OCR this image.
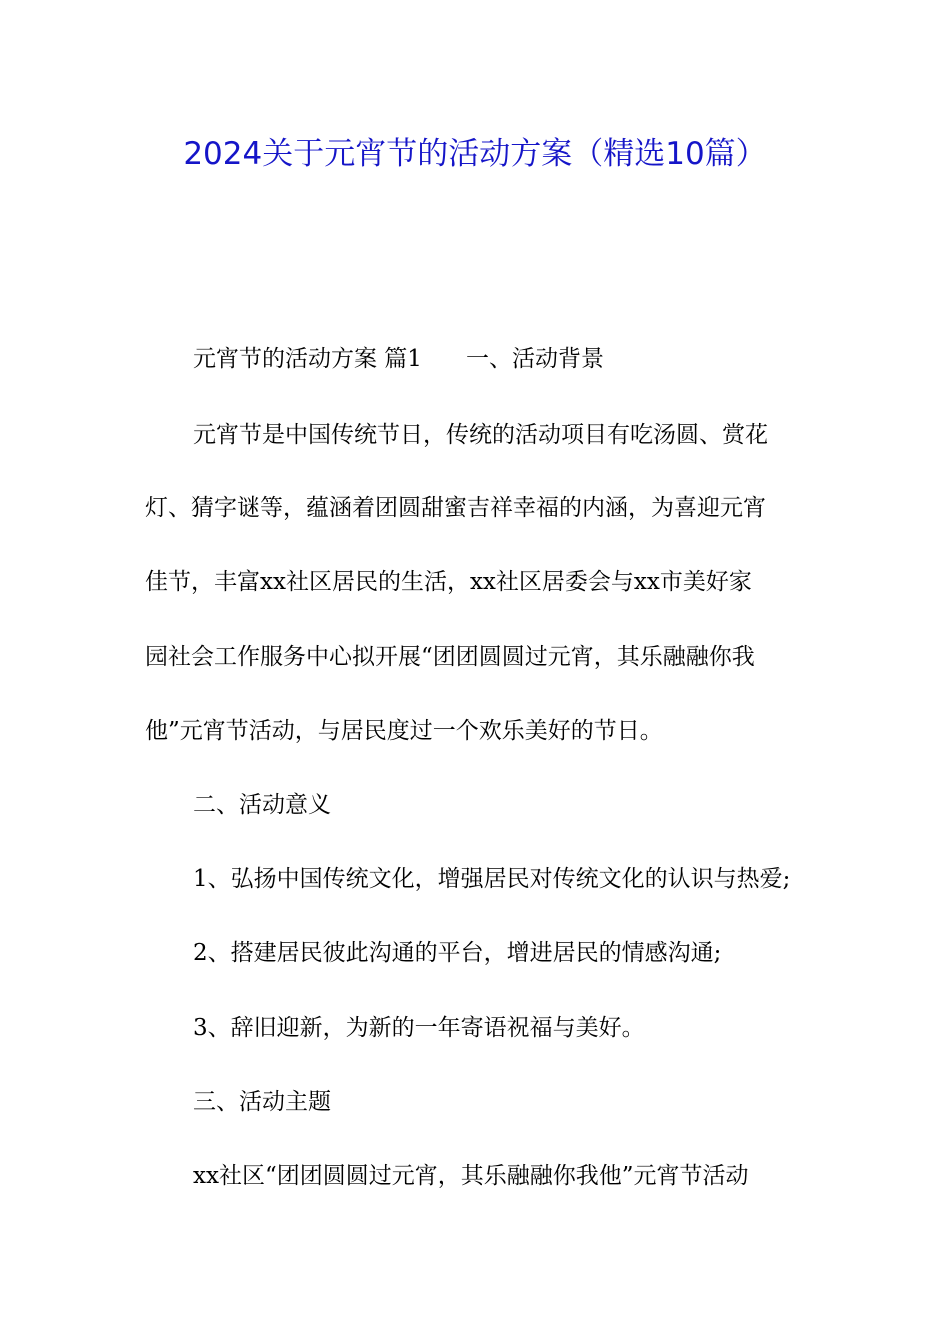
2024关于元宵节的活动方案（精选10篇）
元宵节的活动方案 篇1 一、活动背景
元宵节是中国传统节日，传统的活动项目有吃汤圆、赏花
灯、猜字谜等，蕴涵着团圆甜蜜吉祥幸福的内涵，为喜迎元宵
佳节，丰富xx社区居民的生活，xx社区居委会与xx市美好家
园社会工作服务中心拟开展“团团圆圆过元宵，其乐融融你我
他”元宵节活动，与居民度过一个欢乐美好的节日。
二、活动意义
1、弘扬中国传统文化，增强居民对传统文化的认识与热爱;
2、搭建居民彼此沟通的平台，增进居民的情感沟通;
3、辞旧迎新，为新的一年寄语祝福与美好。
三、活动主题
xx社区“团团圆圆过元宵，其乐融融你我他”元宵节活动
